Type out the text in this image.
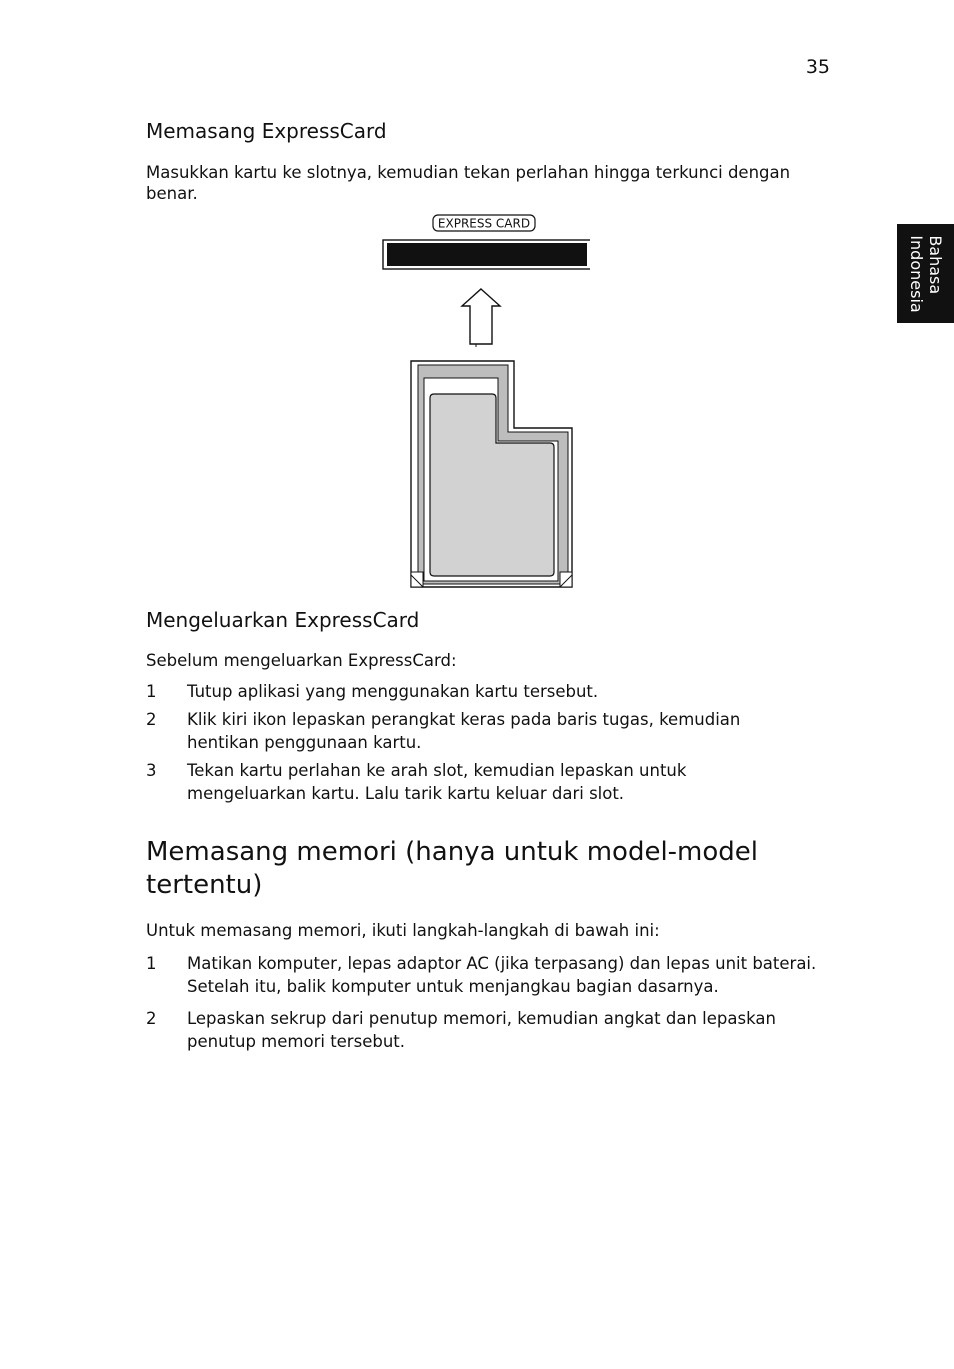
35
Bahasa
Indonesia
Memasang ExpressCard
Masukkan kartu ke slotnya, kemudian tekan perlahan hingga terkunci dengan benar.
EXPRESS CARD
Mengeluarkan ExpressCard
Sebelum mengeluarkan ExpressCard:
1 Tutup aplikasi yang menggunakan kartu tersebut.
2 Klik kiri ikon lepaskan perangkat keras pada baris tugas, kemudian hentikan penggunaan kartu.
3 Tekan kartu perlahan ke arah slot, kemudian lepaskan untuk mengeluarkan kartu. Lalu tarik kartu keluar dari slot.
Memasang memori (hanya untuk model-model tertentu)
Untuk memasang memori, ikuti langkah-langkah di bawah ini:
1 Matikan komputer, lepas adaptor AC (jika terpasang) dan lepas unit baterai. Setelah itu, balik komputer untuk menjangkau bagian dasarnya.
2 Lepaskan sekrup dari penutup memori, kemudian angkat dan lepaskan penutup memori tersebut.
